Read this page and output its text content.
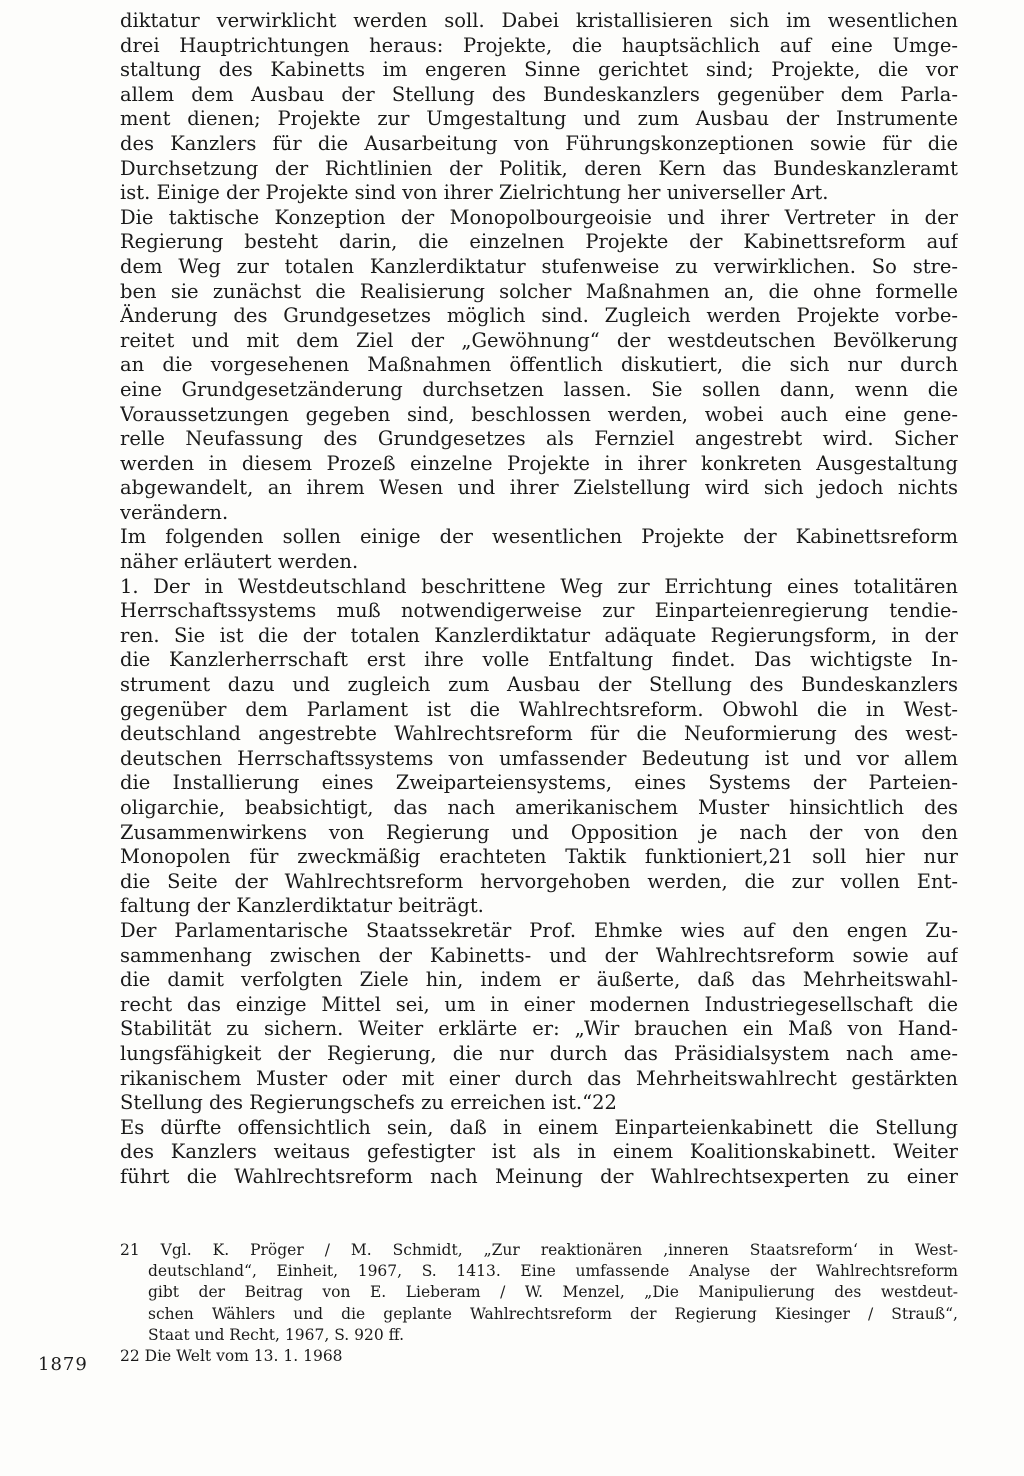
diktatur verwirklicht werden soll. Dabei kristallisieren sich im wesentlichen
drei Hauptrichtungen heraus: Projekte, die hauptsächlich auf eine Umge-
staltung des Kabinetts im engeren Sinne gerichtet sind; Projekte, die vor
allem dem Ausbau der Stellung des Bundeskanzlers gegenüber dem Parla-
ment dienen; Projekte zur Umgestaltung und zum Ausbau der Instrumente
des Kanzlers für die Ausarbeitung von Führungskonzeptionen sowie für die
Durchsetzung der Richtlinien der Politik, deren Kern das Bundeskanzleramt
ist. Einige der Projekte sind von ihrer Zielrichtung her universeller Art.
Die taktische Konzeption der Monopolbourgeoisie und ihrer Vertreter in der
Regierung besteht darin, die einzelnen Projekte der Kabinettsreform auf
dem Weg zur totalen Kanzlerdiktatur stufenweise zu verwirklichen. So stre-
ben sie zunächst die Realisierung solcher Maßnahmen an, die ohne formelle
Änderung des Grundgesetzes möglich sind. Zugleich werden Projekte vorbe-
reitet und mit dem Ziel der „Gewöhnung“ der westdeutschen Bevölkerung
an die vorgesehenen Maßnahmen öffentlich diskutiert, die sich nur durch
eine Grundgesetzänderung durchsetzen lassen. Sie sollen dann, wenn die
Voraussetzungen gegeben sind, beschlossen werden, wobei auch eine gene-
relle Neufassung des Grundgesetzes als Fernziel angestrebt wird. Sicher
werden in diesem Prozeß einzelne Projekte in ihrer konkreten Ausgestaltung
abgewandelt, an ihrem Wesen und ihrer Zielstellung wird sich jedoch nichts
verändern.
Im folgenden sollen einige der wesentlichen Projekte der Kabinettsreform
näher erläutert werden.
1. Der in Westdeutschland beschrittene Weg zur Errichtung eines totalitären
Herrschaftssystems muß notwendigerweise zur Einparteienregierung tendie-
ren. Sie ist die der totalen Kanzlerdiktatur adäquate Regierungsform, in der
die Kanzlerherrschaft erst ihre volle Entfaltung findet. Das wichtigste In-
strument dazu und zugleich zum Ausbau der Stellung des Bundeskanzlers
gegenüber dem Parlament ist die Wahlrechtsreform. Obwohl die in West-
deutschland angestrebte Wahlrechtsreform für die Neuformierung des west-
deutschen Herrschaftssystems von umfassender Bedeutung ist und vor allem
die Installierung eines Zweiparteiensystems, eines Systems der Parteien-
oligarchie, beabsichtigt, das nach amerikanischem Muster hinsichtlich des
Zusammenwirkens von Regierung und Opposition je nach der von den
Monopolen für zweckmäßig erachteten Taktik funktioniert,21 soll hier nur
die Seite der Wahlrechtsreform hervorgehoben werden, die zur vollen Ent-
faltung der Kanzlerdiktatur beiträgt.
Der Parlamentarische Staatssekretär Prof. Ehmke wies auf den engen Zu-
sammenhang zwischen der Kabinetts- und der Wahlrechtsreform sowie auf
die damit verfolgten Ziele hin, indem er äußerte, daß das Mehrheitswahl-
recht das einzige Mittel sei, um in einer modernen Industriegesellschaft die
Stabilität zu sichern. Weiter erklärte er: „Wir brauchen ein Maß von Hand-
lungsfähigkeit der Regierung, die nur durch das Präsidialsystem nach ame-
rikanischem Muster oder mit einer durch das Mehrheitswahlrecht gestärkten
Stellung des Regierungschefs zu erreichen ist.“22
Es dürfte offensichtlich sein, daß in einem Einparteienkabinett die Stellung
des Kanzlers weitaus gefestigter ist als in einem Koalitionskabinett. Weiter
führt die Wahlrechtsreform nach Meinung der Wahlrechtsexperten zu einer
21 Vgl. K. Pröger / M. Schmidt, „Zur reaktionären ‚inneren Staatsreform‘ in West-
deutschland“, Einheit, 1967, S. 1413. Eine umfassende Analyse der Wahlrechtsreform
gibt der Beitrag von E. Lieberam / W. Menzel, „Die Manipulierung des westdeut-
schen Wählers und die geplante Wahlrechtsreform der Regierung Kiesinger / Strauß“,
Staat und Recht, 1967, S. 920 ff.
22 Die Welt vom 13. 1. 1968
1879
